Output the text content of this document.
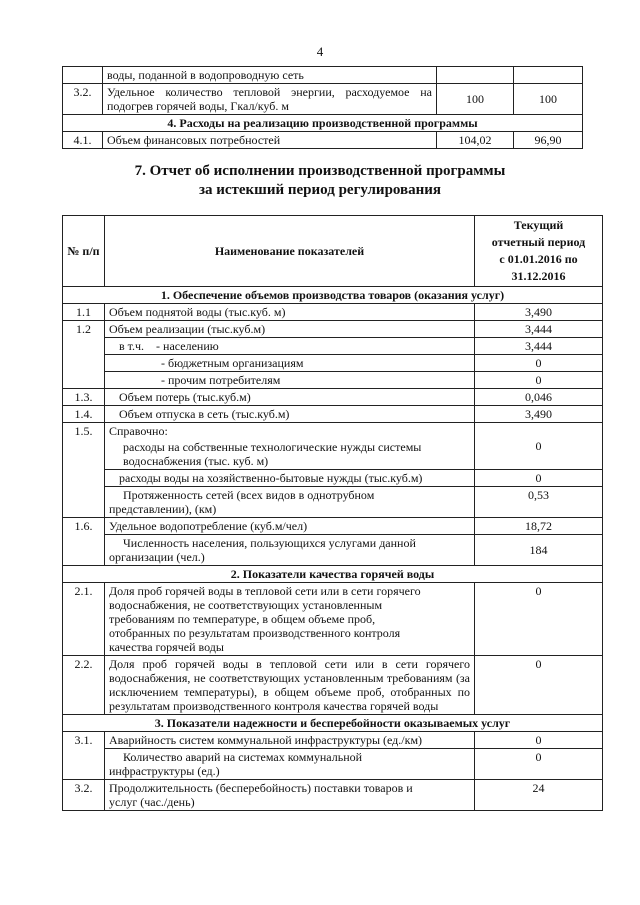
4
	воды, поданной в водопроводную сеть		
3.2.	Удельное количество тепловой энергии, расходуемое на подогрев горячей воды, Гкал/куб. м	100	100
4. Расходы на реализацию производственной программы			
4.1.	Объем финансовых потребностей	104,02	96,90
7. Отчет об исполнении производственной программы
за истекший период регулирования
№ п/п	Наименование показателей	Текущий
отчетный период
с 01.01.2016 по
31.12.2016

1. Обеспечение объемов производства товаров (оказания услуг)		
1.1	Объем поднятой воды (тыс.куб. м)	3,490
1.2	Объем реализации (тыс.куб.м)	3,444
	в т.ч.    - населению	3,444
	- бюджетным организациям	0
	- прочим потребителям	0
1.3.	Объем потерь (тыс.куб.м)	0,046
1.4.	Объем отпуска в сеть (тыс.куб.м)	3,490
1.5.	Справочно:
расходы на собственные технологические нужды системы
водоснабжения (тыс. куб. м)	0
	расходы воды на хозяйственно-бытовые нужды (тыс.куб.м)	0

	Протяженность сетей (всех видов в однотрубном
представлении), (км)	0,53
1.6.	Удельное водопотребление (куб.м/чел)	18,72

	Численность населения, пользующихся услугами данной
организации (чел.)	184
2. Показатели качества горячей воды		
2.1.	Доля проб горячей воды в тепловой сети или в сети горячего водоснабжения, не соответствующих установленным требованиям по температуре, в общем объеме проб, отобранных по результатам производственного контроля качества горячей воды	0
2.2.	Доля проб горячей воды в тепловой сети или в сети горячего водоснабжения, не соответствующих установленным требованиям (за исключением температуры), в общем объеме проб, отобранных по результатам производственного контроля качества горячей воды	0
3. Показатели надежности и бесперебойности оказываемых услуг		
3.1.	Аварийность систем коммунальной инфраструктуры (ед./км)	0

	Количество аварий на системах коммунальной
инфраструктуры (ед.)	0
3.2.	Продолжительность (бесперебойность) поставки товаров и
услуг (час./день)	24
